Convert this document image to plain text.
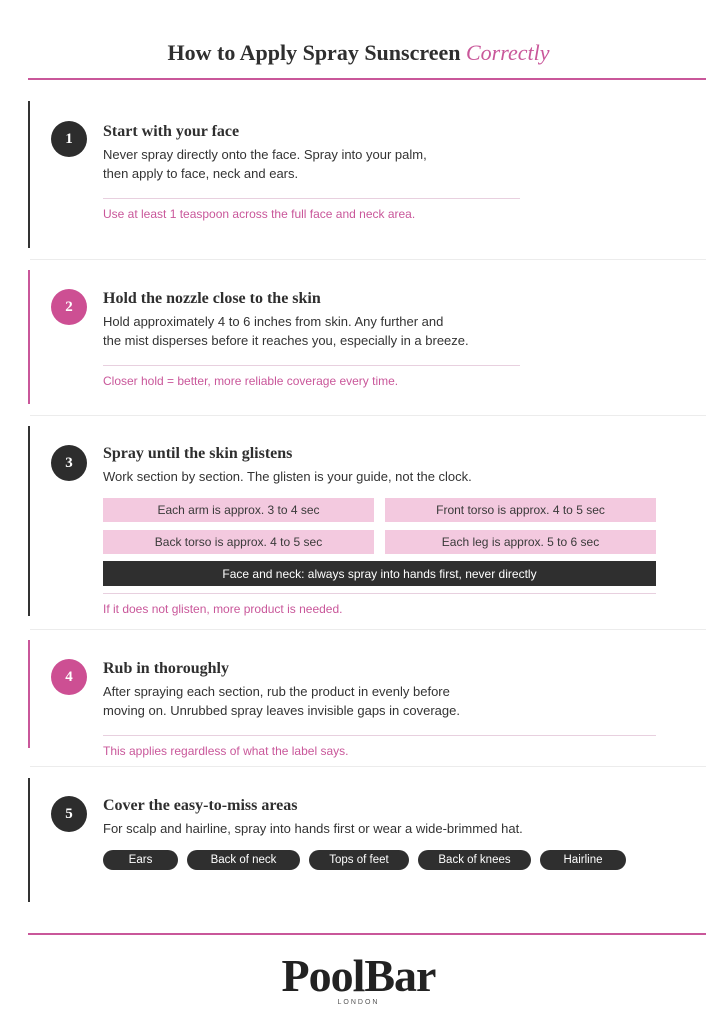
How to Apply Spray Sunscreen Correctly
1	Start with your face

Never spray directly onto the face. Spray into your palm,
then apply to face, neck and ears.

Use at least 1 teaspoon across the full face and neck area.

2	Hold the nozzle close to the skin

Hold approximately 4 to 6 inches from skin. Any further and
the mist disperses before it reaches you, especially in a breeze.

Closer hold = better, more reliable coverage every time.

3
Spray until the skin glistens

Work section by section. The glisten is your guide, not the clock.

Each arm is approx. 3 to 4 sec	Front torso is approx. 4 to 5 sec
Back torso is approx. 4 to 5 sec	Each leg is approx. 5 to 6 sec
Face and neck: always spray into hands first, never directly

If it does not glisten, more product is needed.

4	Rub in thoroughly

After spraying each section, rub the product in evenly before
moving on. Unrubbed spray leaves invisible gaps in coverage.

This applies regardless of what the label says.

5	Cover the easy-to-miss areas

For scalp and hairline, spray into hands first or wear a wide-brimmed hat.

Ears	Back of neck	Tops of feet	Back of knees	Hairline
PoolBar
LONDON
